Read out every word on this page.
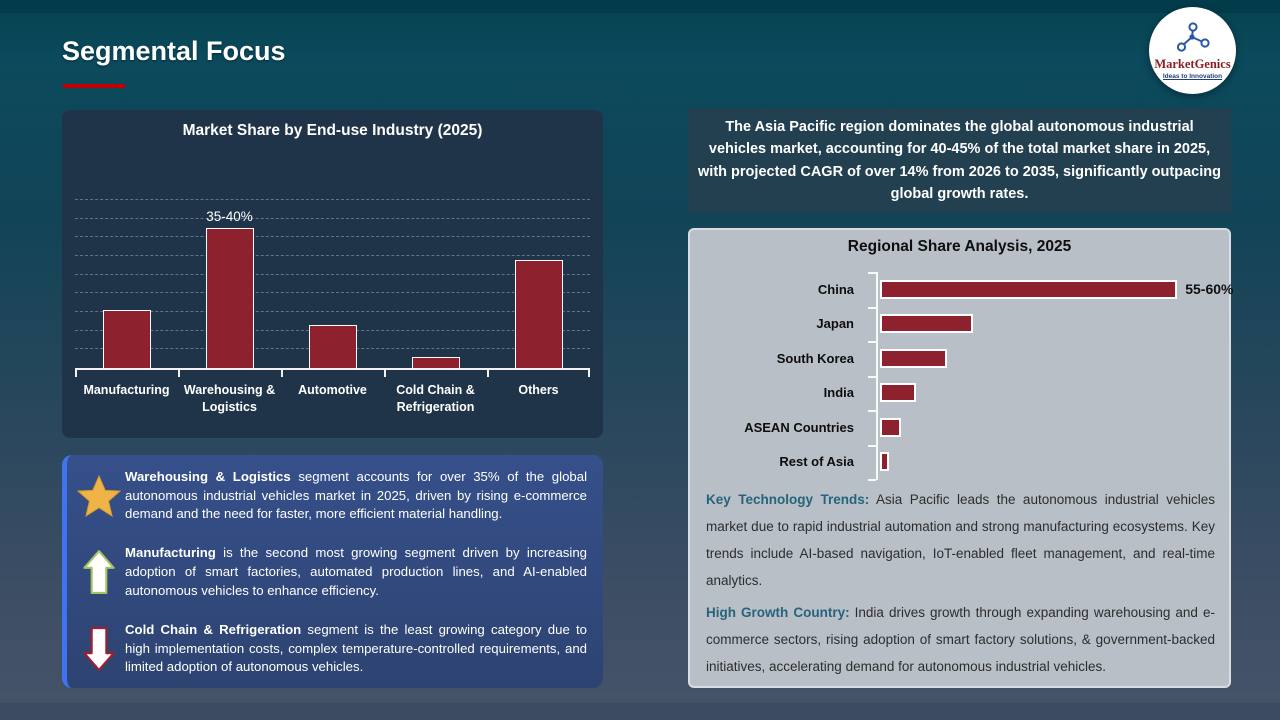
Segmental Focus	MarketGenics
Ideas to Innovation
Market Share by End-use Industry (2025)
35-40%
Manufacturing	Warehousing & Logistics
Automotive	Cold Chain & Refrigeration
Others

Warehousing & Logistics segment accounts for over 35% of the global autonomous industrial vehicles market in 2025, driven by rising e-commerce demand and the need for faster, more efficient material handling.

Manufacturing is the second most growing segment driven by increasing adoption of smart factories, automated production lines, and AI-enabled autonomous vehicles to enhance efficiency.

Cold Chain & Refrigeration segment is the least growing category due to high implementation costs, complex temperature-controlled requirements, and limited adoption of autonomous vehicles.

The Asia Pacific region dominates the global autonomous industrial vehicles market, accounting for 40-45% of the total market share in 2025, with projected CAGR of over 14% from 2026 to 2035, significantly outpacing global growth rates.

Regional Share Analysis, 2025
China	55-60%
Japan
South Korea
India
ASEAN Countries
Rest of Asia

Key Technology Trends: Asia Pacific leads the autonomous industrial vehicles market due to rapid industrial automation and strong manufacturing ecosystems. Key trends include AI-based navigation, IoT-enabled fleet management, and real-time analytics.

High Growth Country: India drives growth through expanding warehousing and e-commerce sectors, rising adoption of smart factory solutions, & government-backed initiatives, accelerating demand for autonomous industrial vehicles.
